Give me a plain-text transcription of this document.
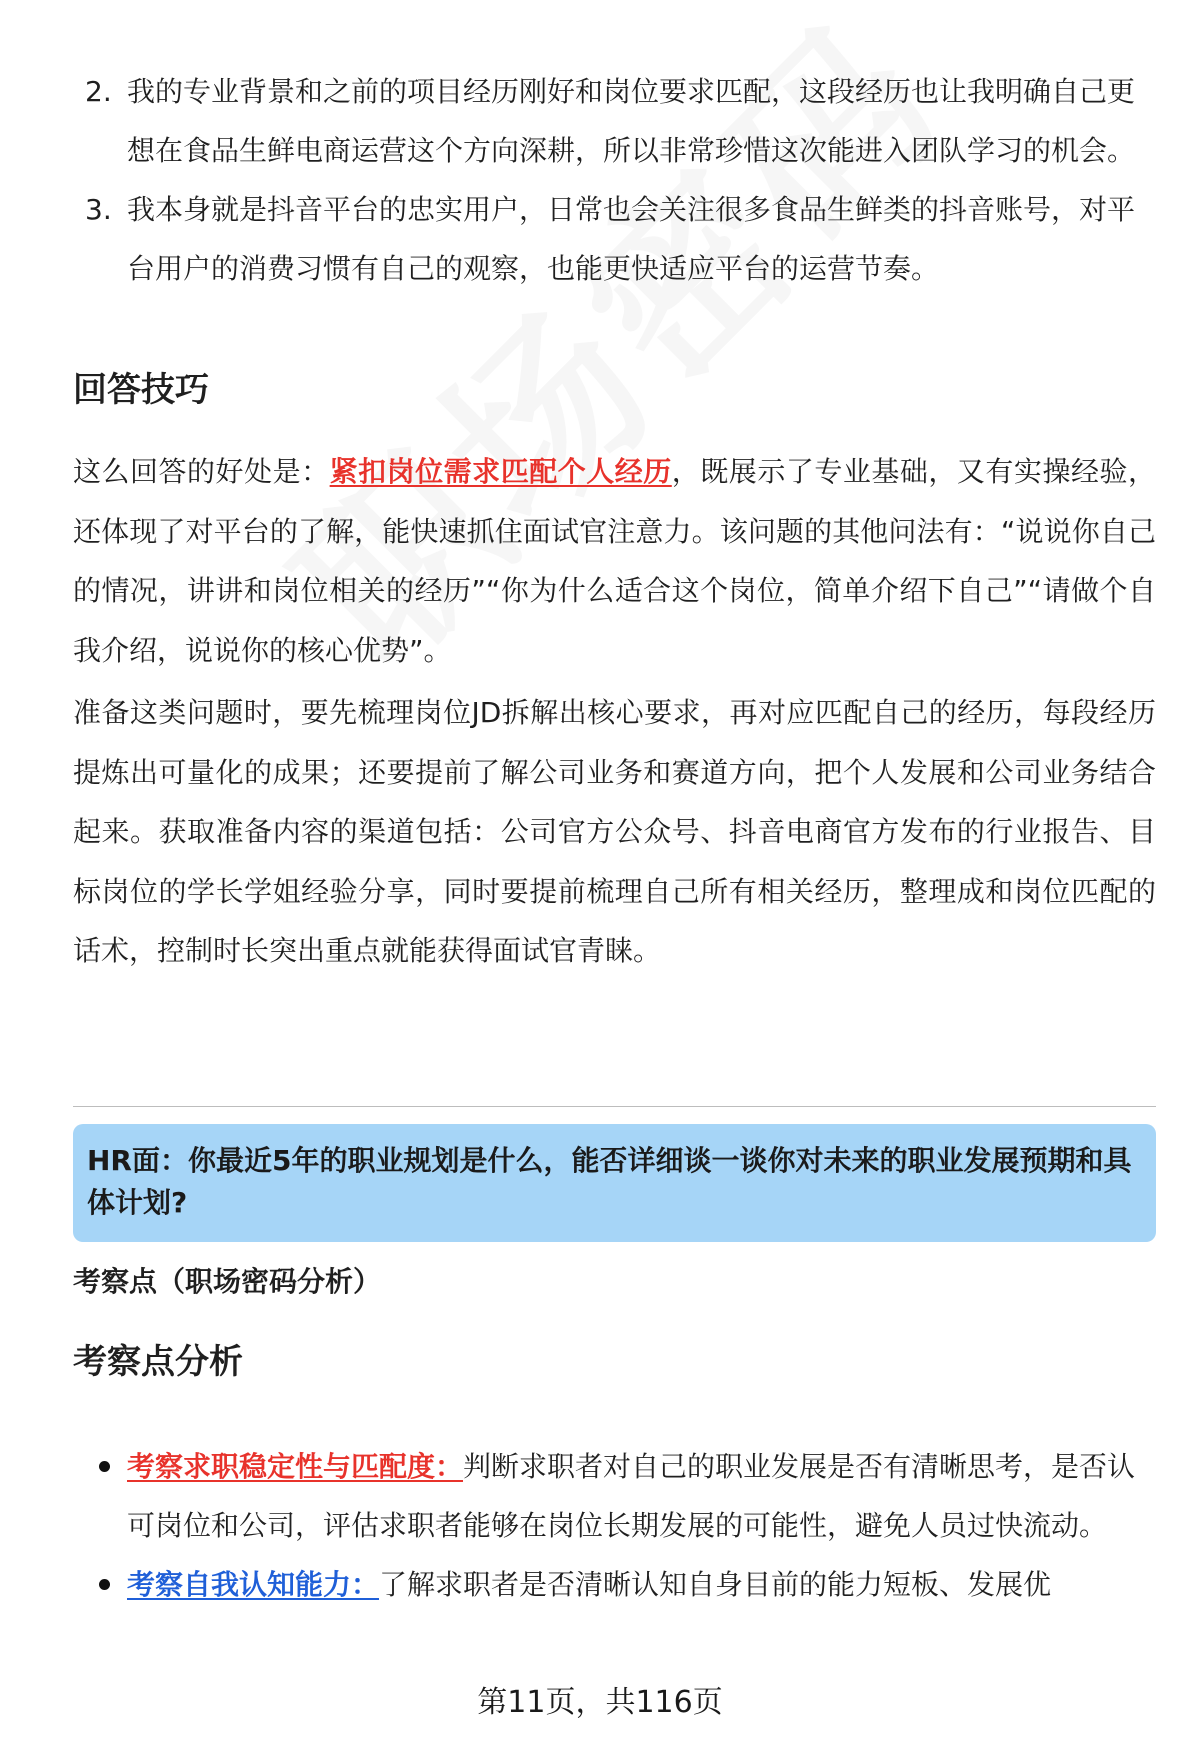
2. 我的专业背景和之前的项目经历刚好和岗位要求匹配，这段经历也让我明确自己更想在食品生鲜电商运营这个方向深耕，所以非常珍惜这次能进入团队学习的机会。
3. 我本身就是抖音平台的忠实用户，日常也会关注很多食品生鲜类的抖音账号，对平台用户的消费习惯有自己的观察，也能更快适应平台的运营节奏。
回答技巧

这么回答的好处是：紧扣岗位需求匹配个人经历，既展示了专业基础，又有实操经验，还体现了对平台的了解，能快速抓住面试官注意力。该问题的其他问法有：“说说你自己的情况，讲讲和岗位相关的经历”“你为什么适合这个岗位，简单介绍下自己”“请做个自我介绍，说说你的核心优势”。

准备这类问题时，要先梳理岗位JD拆解出核心要求，再对应匹配自己的经历，每段经历提炼出可量化的成果；还要提前了解公司业务和赛道方向，把个人发展和公司业务结合起来。获取准备内容的渠道包括：公司官方公众号、抖音电商官方发布的行业报告、目标岗位的学长学姐经验分享，同时要提前梳理自己所有相关经历，整理成和岗位匹配的话术，控制时长突出重点就能获得面试官青睐。

HR面：你最近5年的职业规划是什么，能否详细谈一谈你对未来的职业发展预期和具体计划?
考察点（职场密码分析）
考察点分析
考察求职稳定性与匹配度：判断求职者对自己的职业发展是否有清晰思考，是否认可岗位和公司，评估求职者能够在岗位长期发展的可能性，避免人员过快流动。
考察自我认知能力：了解求职者是否清晰认知自身目前的能力短板、发展优
第11页，共116页
